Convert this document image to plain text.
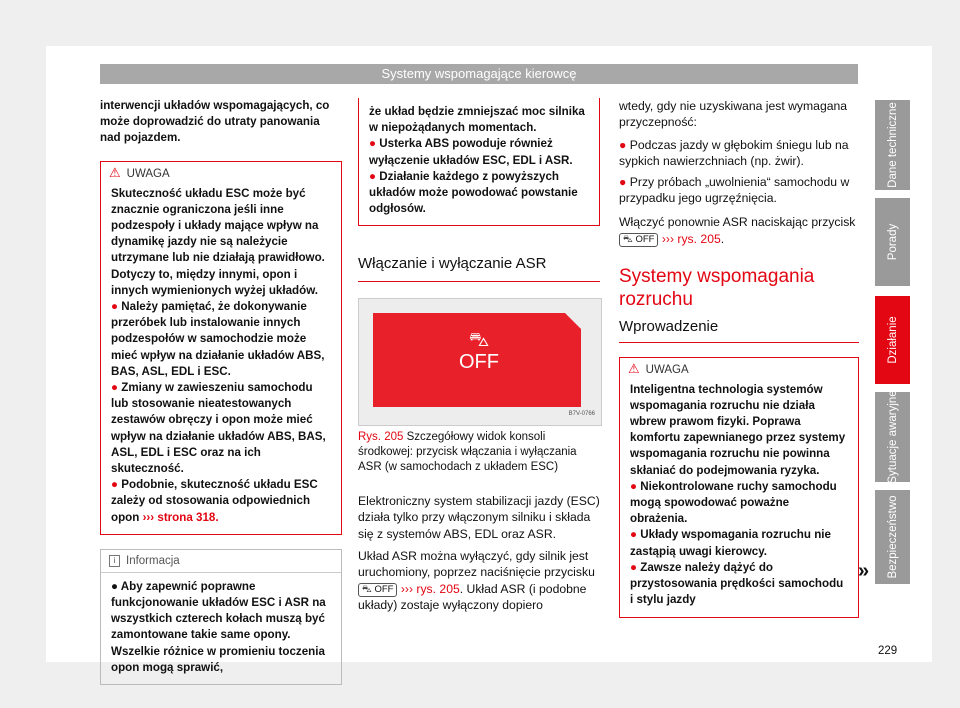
Systemy wspomagające kierowcę
interwencji układów wspomagających, co może doprowadzić do utraty panowania nad pojazdem.
⚠ UWAGA
Skuteczność układu ESC może być znacznie ograniczona jeśli inne podzespoły i układy mające wpływ na dynamikę jazdy nie są należycie utrzymane lub nie działają prawidłowo. Dotyczy to, między innymi, opon i innych wymienionych wyżej układów.
● Należy pamiętać, że dokonywanie przeróbek lub instalowanie innych podzespołów w samochodzie może mieć wpływ na działanie układów ABS, BAS, ASL, EDL i ESC.
● Zmiany w zawieszeniu samochodu lub stosowanie nieatestowanych zestawów obręczy i opon może mieć wpływ na działanie układów ABS, BAS, ASL, EDL i ESC oraz na ich skuteczność.
● Podobnie, skuteczność układu ESC zależy od stosowania odpowiednich opon ››› strona 318.
i Informacja
● Aby zapewnić poprawne funkcjonowanie układów ESC i ASR na wszystkich czterech kołach muszą być zamontowane takie same opony. Wszelkie różnice w promieniu toczenia opon mogą sprawić,
że układ będzie zmniejszać moc silnika w niepożądanych momentach.
● Usterka ABS powoduje również wyłączenie układów ESC, EDL i ASR.
● Działanie każdego z powyższych układów może powodować powstanie odgłosów.
Włączanie i wyłączanie ASR
⛍
OFF
B7V-0766
Rys. 205 Szczegółowy widok konsoli środkowej: przycisk włączania i wyłączania ASR (w samochodach z układem ESC)
Elektroniczny system stabilizacji jazdy (ESC) działa tylko przy włączonym silniku i składa się z systemów ABS, EDL oraz ASR.
Układ ASR można wyłączyć, gdy silnik jest uruchomiony, poprzez naciśnięcie przycisku ⛍ OFF ››› rys. 205. Układ ASR (i podobne układy) zostaje wyłączony dopiero
wtedy, gdy nie uzyskiwana jest wymagana przyczepność:
● Podczas jazdy w głębokim śniegu lub na sypkich nawierzchniach (np. żwir).
● Przy próbach „uwolnienia“ samochodu w przypadku jego ugrzęźnięcia.
Włączyć ponownie ASR naciskając przycisk ⛍ OFF ››› rys. 205.
Systemy wspomagania rozruchu
Wprowadzenie
⚠ UWAGA
Inteligentna technologia systemów wspomagania rozruchu nie działa wbrew prawom fizyki. Poprawa komfortu zapewnianego przez systemy wspomagania rozruchu nie powinna skłaniać do podejmowania ryzyka.
● Niekontrolowane ruchy samochodu mogą spowodować poważne obrażenia.
● Układy wspomagania rozruchu nie zastąpią uwagi kierowcy.
● Zawsze należy dążyć do przystosowania prędkości samochodu i stylu jazdy
»
Dane techniczne
Porady
Działanie
Sytuacje awaryjne
Bezpieczeństwo
229
